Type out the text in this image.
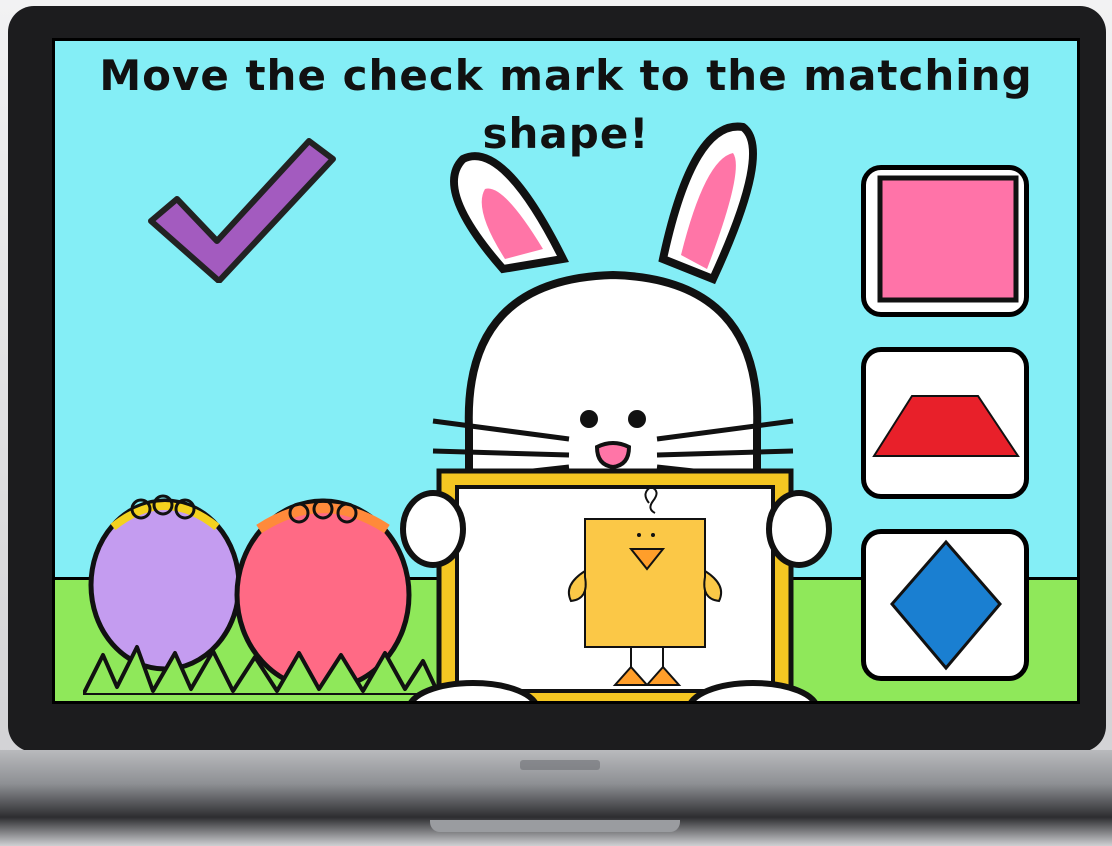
Move the check mark to the matching
shape!
